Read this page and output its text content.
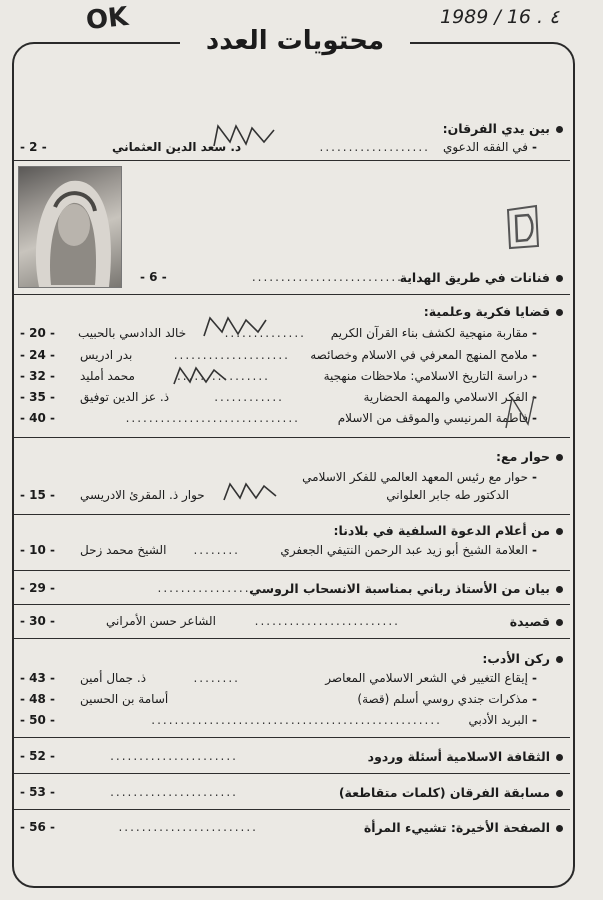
OK	1989 / 16 . ٤
محتويات العدد
بين يدي الفرقان:
-في الفقه الدعوي
...................
د. سعد الدين العثماني
- 2 -
فنانات في طريق الهداية
..........................
- 6 -
قضايا فكرية وعلمية:
-مقاربة منهجية لكشف بناء القرآن الكريم
..............
خالد الدادسي بالحبيب
- 20 -
-ملامح المنهج المعرفي في الاسلام وخصائصه
....................
بدر ادريس
- 24 -
-دراسة التاريخ الاسلامي: ملاحظات منهجية
................
محمد أمليد
- 32 -
-الفكر الاسلامي والمهمة الحضارية
............
ذ. عز الدين توفيق
- 35 -
-فاطمة المرنيسي والموقف من الاسلام
..............................
- 40 -
حوار مع:
-حوار مع رئيس المعهد العالمي للفكر الاسلامي
الدكتور طه جابر العلواني
حوار ذ. المقرئ الادريسي
- 15 -
من أعلام الدعوة السلفية في بلادنا:
-العلامة الشيخ أبو زيد عبد الرحمن النتيفي الجعفري
........
الشيخ محمد زحل
- 10 -
بيان من الأستاذ رباني بمناسبة الانسحاب الروسي
...................
- 29 -
قصيدة
.........................
الشاعر حسن الأمراني
- 30 -
ركن الأدب:
-إيقاع التغيير في الشعر الاسلامي المعاصر
........
ذ. جمال أمين
- 43 -
-مذكرات جندي روسي أسلم (قصة)
أسامة بن الحسين
- 48 -
-البريد الأدبي
..................................................
- 50 -
الثقافة الاسلامية أسئلة وردود
......................
- 52 -
مسابقة الفرقان (كلمات متقاطعة)
......................
- 53 -
الصفحة الأخيرة: تشييء المرأة
........................
- 56 -
